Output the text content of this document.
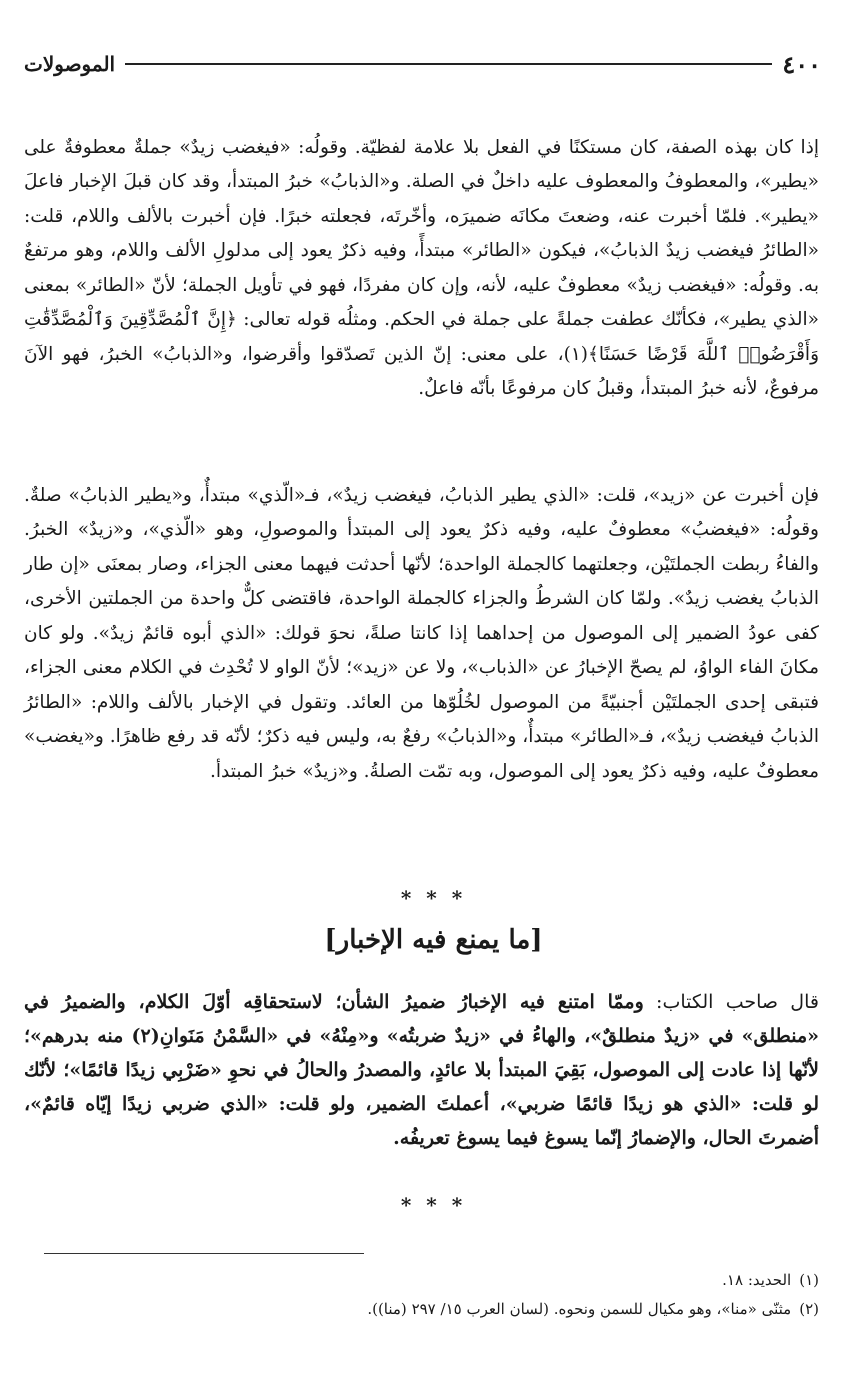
٤٠٠
الموصولات

إذا كان بهذه الصفة، كان مستكنًا في الفعل بلا علامة لفظيّة. وقولُه: «فيغضب زيدٌ» جملةٌ معطوفةٌ على «يطير»، والمعطوفُ والمعطوف عليه داخلٌ في الصلة. و«الذبابُ» خبرُ المبتدأ، وقد كان قبلَ الإخبار فاعلَ «يطير». فلمّا أخبرت عنه، وضعتَ مكانَه ضميرَه، وأخّرتَه، فجعلته خبرًا. فإن أخبرت بالألف واللام، قلت: «الطائرُ فيغضب زيدٌ الذبابُ»، فيكون «الطائر» مبتدأً، وفيه ذكرٌ يعود إلى مدلولِ الألف واللام، وهو مرتفعٌ به. وقولُه: «فيغضب زيدٌ» معطوفٌ عليه، لأنه، وإن كان مفردًا، فهو في تأويل الجملة؛ لأنّ «الطائر» بمعنى «الذي يطير»، فكأنّك عطفت جملةً على جملة في الحكم. ومثلُه قوله تعالى: ﴿إِنَّ ٱلْمُصَّدِّقِينَ وَٱلْمُصَّدِّقَٰتِ وَأَقْرَضُوا۟ ٱللَّهَ قَرْضًا حَسَنًا﴾(١)، على معنى: إنّ الذين تَصدّقوا وأقرضوا، و«الذبابُ» الخبرُ، فهو الآنَ مرفوعٌ، لأنه خبرُ المبتدأ، وقبلُ كان مرفوعًا بأنّه فاعلٌ.

فإن أخبرت عن «زيد»، قلت: «الذي يطير الذبابُ، فيغضب زيدٌ»، فـ«الّذي» مبتدأٌ، و«يطير الذبابُ» صلةٌ. وقولُه: «فيغضبُ» معطوفٌ عليه، وفيه ذكرٌ يعود إلى المبتدأ والموصولِ، وهو «الّذي»، و«زيدٌ» الخبرُ. والفاءُ ربطت الجملتَيْن، وجعلتهما كالجملة الواحدة؛ لأنّها أحدثت فيهما معنى الجزاء، وصار بمعنَى «إن طار الذبابُ يغضب زيدٌ». ولمّا كان الشرطُ والجزاء كالجملة الواحدة، فاقتضى كلٌّ واحدة من الجملتين الأخرى، كفى عودُ الضمير إلى الموصول من إحداهما إذا كانتا صلةً، نحوَ قولك: «الذي أبوه قائمٌ زيدٌ». ولو كان مكانَ الفاء الواوُ، لم يصحّ الإخبارُ عن «الذباب»، ولا عن «زيد»؛ لأنّ الواو لا تُحْدِث في الكلام معنى الجزاء، فتبقى إحدى الجملتَيْن أجنبيّةً من الموصول لخُلُوّها من العائد. وتقول في الإخبار بالألف واللام: «الطائرُ الذبابُ فيغضب زيدٌ»، فـ«الطائر» مبتدأٌ، و«الذبابُ» رفعٌ به، وليس فيه ذكرٌ؛ لأنّه قد رفع ظاهرًا. و«يغضب» معطوفٌ عليه، وفيه ذكرٌ يعود إلى الموصول، وبه تمّت الصلةُ. و«زيدٌ» خبرُ المبتدأ.

* * *
[ما يمنع فيه الإخبار]

قال صاحب الكتاب: وممّا امتنع فيه الإخبارُ ضميرُ الشأن؛ لاستحقاقِه أوّلَ الكلام، والضميرُ في «منطلق» في «زيدٌ منطلقٌ»، والهاءُ في «زيدٌ ضربتُه» و«مِنْهُ» في «السَّمْنُ مَنَوانِ(٢) منه بدرهم»؛ لأنّها إذا عادت إلى الموصول، بَقِيَ المبتدأ بلا عائدٍ، والمصدرُ والحالُ في نحوِ «ضَرْبِي زيدًا قائمًا»؛ لأنّك لو قلت: «الذي هو زيدًا قائمًا ضربي»، أعملتَ الضمير، ولو قلت: «الذي ضربي زيدًا إيّاه قائمٌ»، أضمرتَ الحال، والإضمارُ إنّما يسوغ فيما يسوغ تعريفُه.

* * *
(١)
الحديد: ١٨.
(٢)
مثنّى «منا»، وهو مكيال للسمن ونحوه. (لسان العرب ١٥/ ٢٩٧ (منا)).
